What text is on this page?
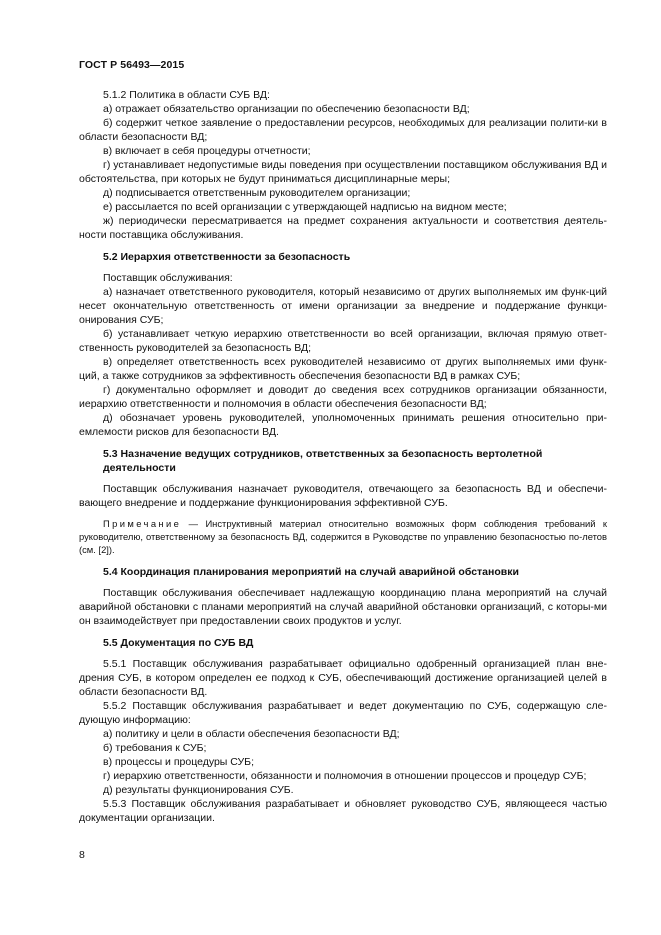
ГОСТ Р 56493—2015

5.1.2 Политика в области СУБ ВД:

а) отражает обязательство организации по обеспечению безопасности ВД;

б) содержит четкое заявление о предоставлении ресурсов, необходимых для реализации полити-ки в области безопасности ВД;

в) включает в себя процедуры отчетности;

г) устанавливает недопустимые виды поведения при осуществлении поставщиком обслуживания ВД и обстоятельства, при которых не будут приниматься дисциплинарные меры;

д) подписывается ответственным руководителем организации;

е) рассылается по всей организации с утверждающей надписью на видном месте;

ж) периодически пересматривается на предмет сохранения актуальности и соответствия деятель-ности поставщика обслуживания.

5.2 Иерархия ответственности за безопасность

Поставщик обслуживания:

а) назначает ответственного руководителя, который независимо от других выполняемых им функ-ций несет окончательную ответственность от имени организации за внедрение и поддержание функци-онирования СУБ;

б) устанавливает четкую иерархию ответственности во всей организации, включая прямую ответ-ственность руководителей за безопасность ВД;

в) определяет ответственность всех руководителей независимо от других выполняемых ими функ-ций, а также сотрудников за эффективность обеспечения безопасности ВД в рамках СУБ;

г) документально оформляет и доводит до сведения всех сотрудников организации обязанности, иерархию ответственности и полномочия в области обеспечения безопасности ВД;

д) обозначает уровень руководителей, уполномоченных принимать решения относительно при-емлемости рисков для безопасности ВД.

5.3 Назначение ведущих сотрудников, ответственных за безопасность вертолетной деятельности

Поставщик обслуживания назначает руководителя, отвечающего за безопасность ВД и обеспечи-вающего внедрение и поддержание функционирования эффективной СУБ.

Примечание — Инструктивный материал относительно возможных форм соблюдения требований к руководителю, ответственному за безопасность ВД, содержится в Руководстве по управлению безопасностью по-летов (см. [2]).

5.4 Координация планирования мероприятий на случай аварийной обстановки

Поставщик обслуживания обеспечивает надлежащую координацию плана мероприятий на случай аварийной обстановки с планами мероприятий на случай аварийной обстановки организаций, с которы-ми он взаимодействует при предоставлении своих продуктов и услуг.

5.5 Документация по СУБ ВД

5.5.1 Поставщик обслуживания разрабатывает официально одобренный организацией план вне-дрения СУБ, в котором определен ее подход к СУБ, обеспечивающий достижение организацией целей в области безопасности ВД.

5.5.2 Поставщик обслуживания разрабатывает и ведет документацию по СУБ, содержащую сле-дующую информацию:

а) политику и цели в области обеспечения безопасности ВД;

б) требования к СУБ;

в) процессы и процедуры СУБ;

г) иерархию ответственности, обязанности и полномочия в отношении процессов и процедур СУБ;

д) результаты функционирования СУБ.

5.5.3 Поставщик обслуживания разрабатывает и обновляет руководство СУБ, являющееся частью документации организации.

8
